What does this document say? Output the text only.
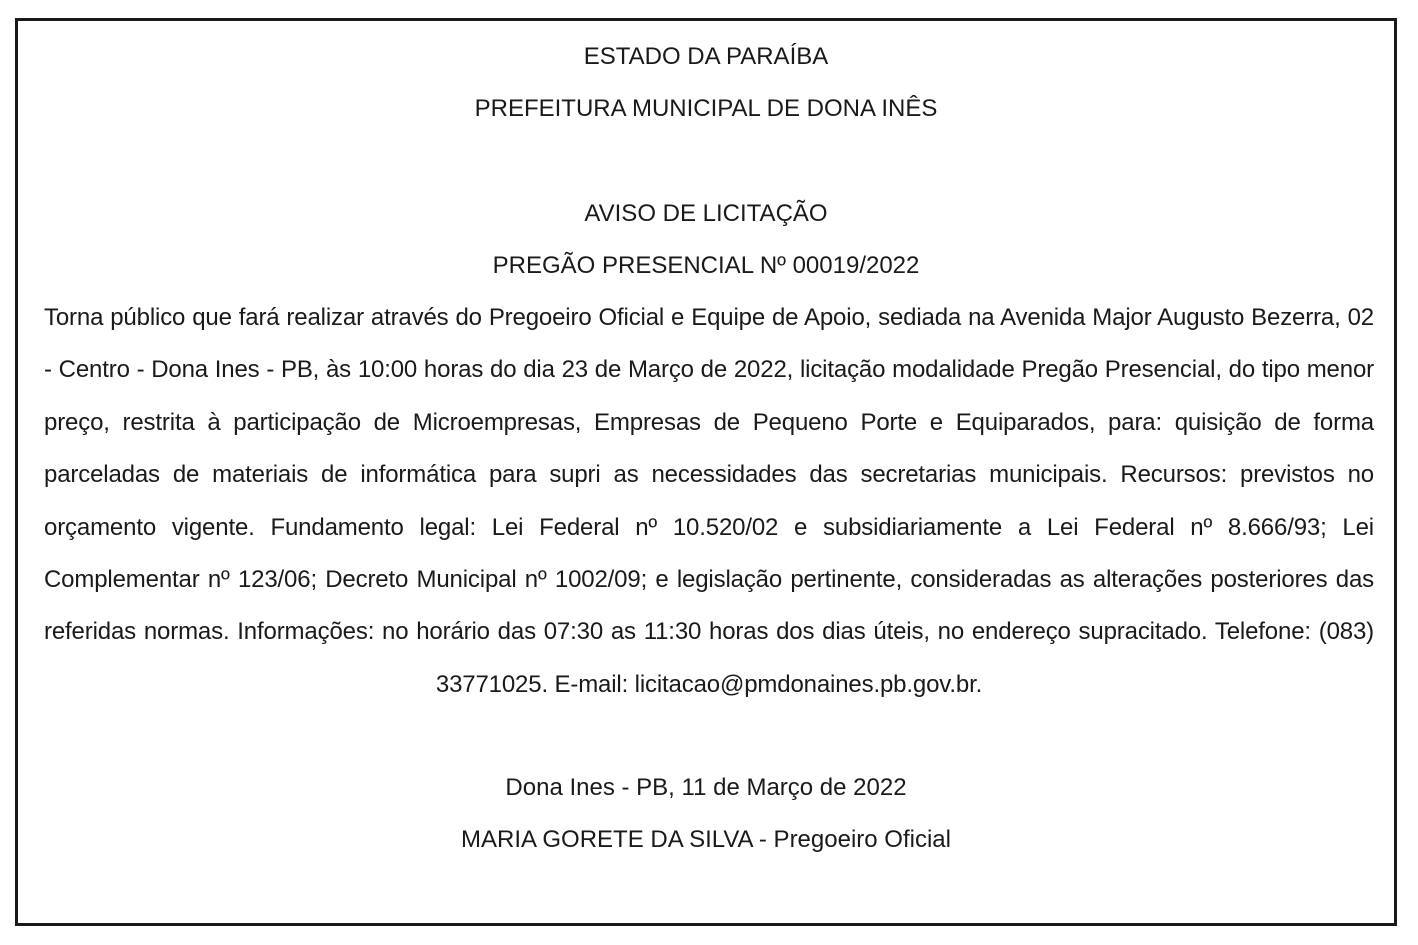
ESTADO DA PARAÍBA
PREFEITURA MUNICIPAL DE DONA INÊS
AVISO DE LICITAÇÃO
PREGÃO PRESENCIAL Nº 00019/2022
Torna público que fará realizar através do Pregoeiro Oficial e Equipe de Apoio, sediada na Avenida Major Augusto Bezerra, 02 - Centro - Dona Ines - PB, às 10:00 horas do dia 23 de Março de 2022, licitação modalidade Pregão Presencial, do tipo menor preço, restrita à participação de Microempresas, Empresas de Pequeno Porte e Equiparados, para: quisição de forma parceladas de materiais de informática para supri as necessidades das secretarias municipais. Recursos: previstos no orçamento vigente. Fundamento legal: Lei Federal nº 10.520/02 e subsidiariamente a Lei Federal nº 8.666/93; Lei Complementar nº 123/06; Decreto Municipal nº 1002/09; e legislação pertinente, consideradas as alterações posteriores das referidas normas. Informações: no horário das 07:30 as 11:30 horas dos dias úteis, no endereço supracitado. Telefone: (083) 33771025. E-mail: licitacao@pmdonaines.pb.gov.br.
Dona Ines - PB, 11 de Março de 2022
MARIA GORETE DA SILVA - Pregoeiro Oficial
